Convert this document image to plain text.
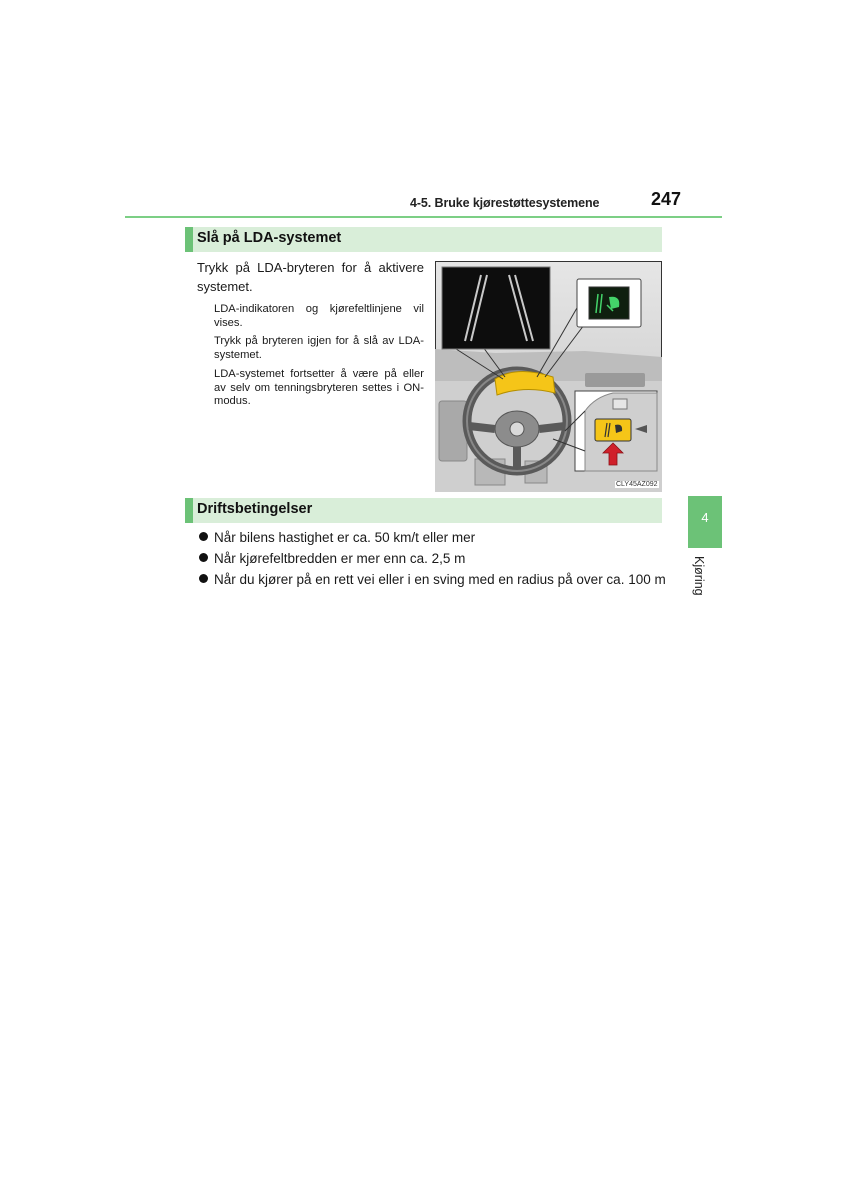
4-5. Bruke kjørestøttesystemene	247
Slå på LDA-systemet
Trykk på LDA-bryteren for å aktivere systemet.
LDA-indikatoren og kjørefeltlinjene vil vises.
Trykk på bryteren igjen for å slå av LDA-systemet.
LDA-systemet fortsetter å være på eller av selv om tenningsbryteren settes i ON-modus.
CLY45AZ092
Driftsbetingelser
Når bilens hastighet er ca. 50 km/t eller mer
Når kjørefeltbredden er mer enn ca. 2,5 m
Når du kjører på en rett vei eller i en sving med en radius på over ca. 100 m
4
Kjøring
